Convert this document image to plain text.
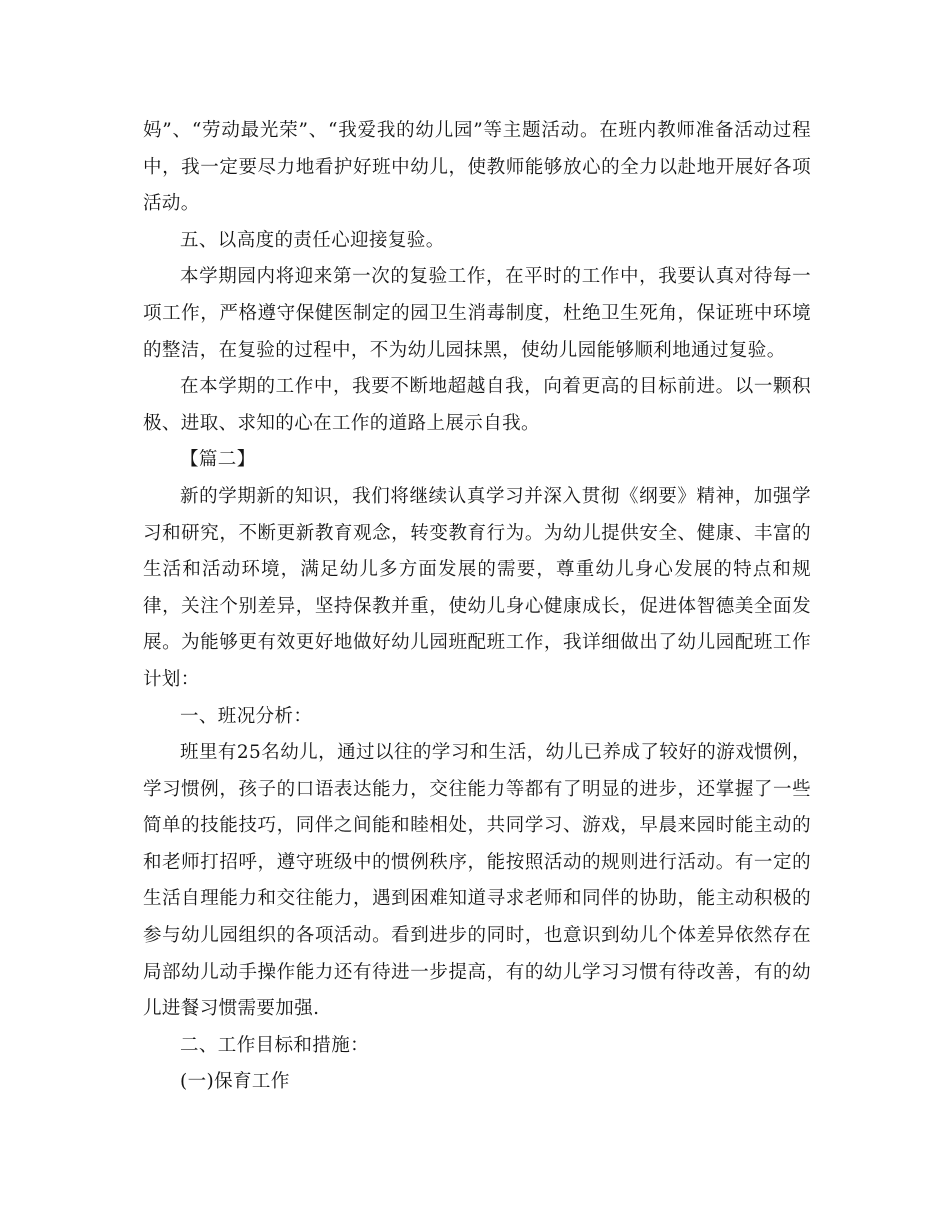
妈”、“劳动最光荣”、“我爱我的幼儿园”等主题活动。在班内教师准备活动过程中，我一定要尽力地看护好班中幼儿，使教师能够放心的全力以赴地开展好各项活动。

五、以高度的责任心迎接复验。

本学期园内将迎来第一次的复验工作，在平时的工作中，我要认真对待每一项工作，严格遵守保健医制定的园卫生消毒制度，杜绝卫生死角，保证班中环境的整洁，在复验的过程中，不为幼儿园抹黑，使幼儿园能够顺利地通过复验。

在本学期的工作中，我要不断地超越自我，向着更高的目标前进。以一颗积极、进取、求知的心在工作的道路上展示自我。

【篇二】

新的学期新的知识，我们将继续认真学习并深入贯彻《纲要》精神，加强学习和研究，不断更新教育观念，转变教育行为。为幼儿提供安全、健康、丰富的生活和活动环境，满足幼儿多方面发展的需要，尊重幼儿身心发展的特点和规律，关注个别差异，坚持保教并重，使幼儿身心健康成长，促进体智德美全面发展。为能够更有效更好地做好幼儿园班配班工作，我详细做出了幼儿园配班工作计划：

一、班况分析：

班里有25名幼儿，通过以往的学习和生活，幼儿已养成了较好的游戏惯例，学习惯例，孩子的口语表达能力，交往能力等都有了明显的进步，还掌握了一些简单的技能技巧，同伴之间能和睦相处，共同学习、游戏，早晨来园时能主动的和老师打招呼，遵守班级中的惯例秩序，能按照活动的规则进行活动。有一定的生活自理能力和交往能力，遇到困难知道寻求老师和同伴的协助，能主动积极的参与幼儿园组织的各项活动。看到进步的同时，也意识到幼儿个体差异依然存在局部幼儿动手操作能力还有待进一步提高，有的幼儿学习习惯有待改善，有的幼儿进餐习惯需要加强.

二、工作目标和措施：

(一)保育工作
